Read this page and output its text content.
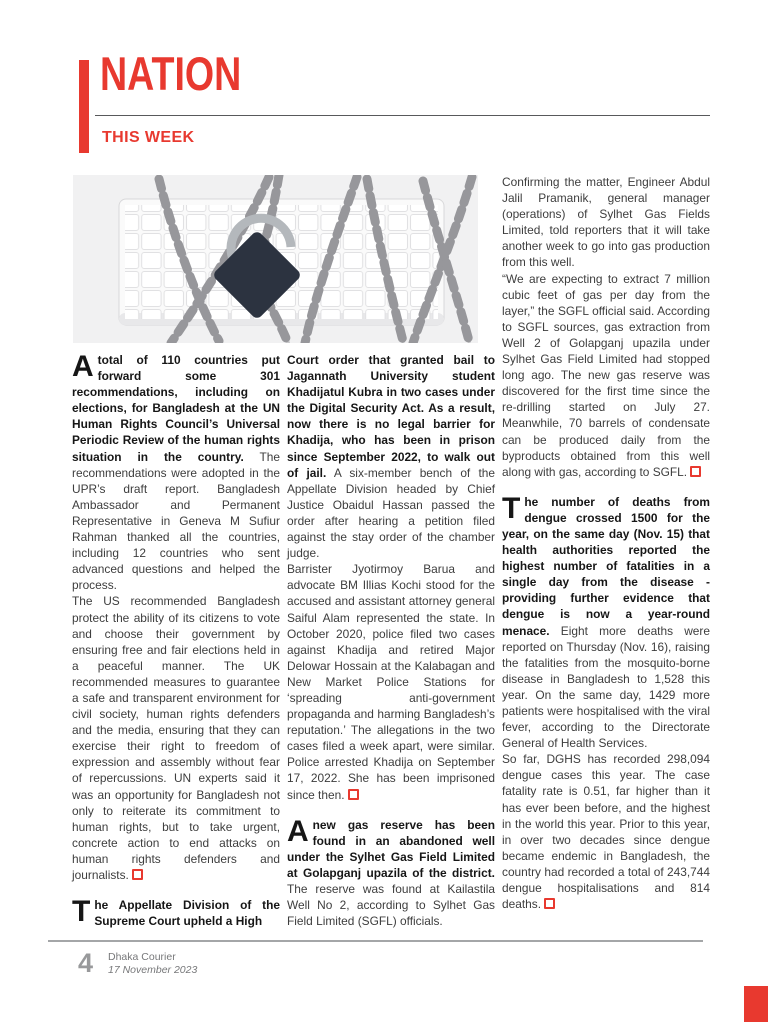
NATION
THIS WEEK

Atotal of 110 countries put forward some 301 recommendations, including on elections, for Bangladesh at the UN Human Rights Council’s Universal Periodic Review of the human rights situation in the country. The recommendations were adopted in the UPR’s draft report. Bangladesh Ambassador and Permanent Representative in Geneva M Sufiur Rahman thanked all the countries, including 12 countries who sent advanced questions and helped the process.

The US recommended Bangladesh protect the ability of its citizens to vote and choose their government by ensuring free and fair elections held in a peaceful manner. The UK recommended measures to guarantee a safe and transparent environment for civil society, human rights defenders and the media, ensuring that they can exercise their right to freedom of expression and assembly without fear of repercussions. UN experts said it was an opportunity for Bangladesh not only to reiterate its commitment to human rights, but to take urgent, concrete action to end attacks on human rights defenders and journalists.

The Appellate Division of the Supreme Court upheld a High

Court order that granted bail to Jagannath University student Khadijatul Kubra in two cases under the Digital Security Act. As a result, now there is no legal barrier for Khadija, who has been in prison since September 2022, to walk out of jail. A six-member bench of the Appellate Division headed by Chief Justice Obaidul Hassan passed the order after hearing a petition filed against the stay order of the chamber judge.

Barrister Jyotirmoy Barua and advocate BM Illias Kochi stood for the accused and assistant attorney general Saiful Alam represented the state. In October 2020, police filed two cases against Khadija and retired Major Delowar Hossain at the Kalabagan and New Market Police Stations for ‘spreading anti-government propaganda and harming Bangladesh’s reputation.’ The allegations in the two cases filed a week apart, were similar. Police arrested Khadija on September 17, 2022. She has been imprisoned since then.

Anew gas reserve has been found in an abandoned well under the Sylhet Gas Field Limited at Golapganj upazila of the district. The reserve was found at Kailastila Well No 2, according to Sylhet Gas Field Limited (SGFL) officials.

Confirming the matter, Engineer Abdul Jalil Pramanik, general manager (operations) of Sylhet Gas Fields Limited, told reporters that it will take another week to go into gas production from this well.

“We are expecting to extract 7 million cubic feet of gas per day from the layer,” the SGFL official said. According to SGFL sources, gas extraction from Well 2 of Golapganj upazila under Sylhet Gas Field Limited had stopped long ago. The new gas reserve was discovered for the first time since the re-drilling started on July 27. Meanwhile, 70 barrels of condensate can be produced daily from the byproducts obtained from this well along with gas, according to SGFL.

The number of deaths from dengue crossed 1500 for the year, on the same day (Nov. 15) that health authorities reported the highest number of fatalities in a single day from the disease - providing further evidence that dengue is now a year-round menace. Eight more deaths were reported on Thursday (Nov. 16), raising the fatalities from the mosquito-borne disease in Bangladesh to 1,528 this year. On the same day, 1429 more patients were hospitalised with the viral fever, according to the Directorate General of Health Services.

So far, DGHS has recorded 298,094 dengue cases this year. The case fatality rate is 0.51, far higher than it has ever been before, and the highest in the world this year. Prior to this year, in over two decades since dengue became endemic in Bangladesh, the country had recorded a total of 243,744 dengue hospitalisations and 814 deaths.

4 Dhaka Courier
17 November 2023
